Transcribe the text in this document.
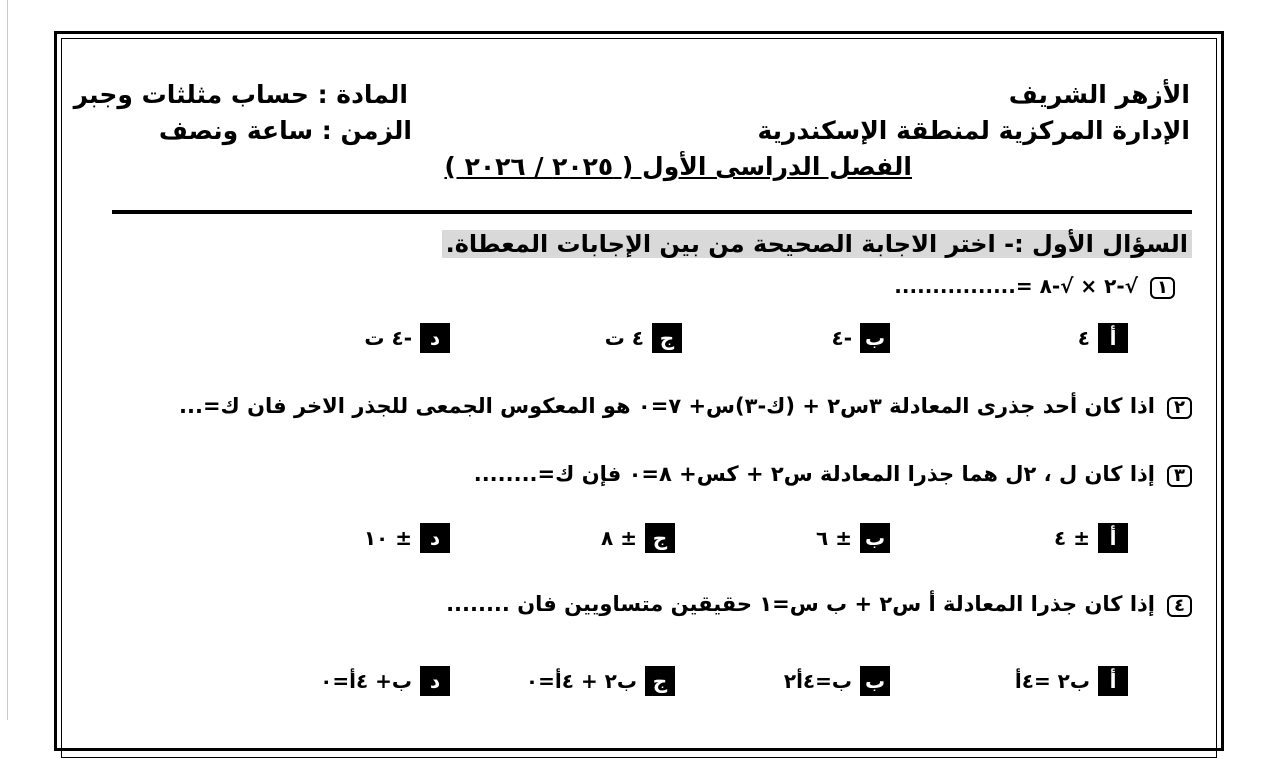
الأزهر الشريف
الإدارة المركزية لمنطقة الإسكندرية
المادة : حساب مثلثات وجبر
الزمن : ساعة ونصف
الفصل الدراسى الأول ( ٢٠٢٥ / ٢٠٢٦ )
السؤال الأول :- اختر الاجابة الصحيحة من بين الإجابات المعطاة.
١√-٢ × √-٨ =................
أ
٤
ب
-٤
ج
٤ ت
د
-٤ ت
٢اذا كان أحد جذرى المعادلة ٣س٢ + (ك-٣)س+ ٧=٠ هو المعكوس الجمعى للجذر الاخر فان ك=...
٣إذا كان ل ، ٢ل هما جذرا المعادلة س٢ + كس+ ٨=٠ فإن ك=........
أ
± ٤
ب
± ٦
ج
± ٨
د
± ١٠
٤إذا كان جذرا المعادلة أ س٢ + ب س=١ حقيقين متساويين فان ........
أ
ب٢ =٤أ
ب
ب=٤أ٢
ج
ب٢ + ٤أ=٠
د
ب+ ٤أ=٠
